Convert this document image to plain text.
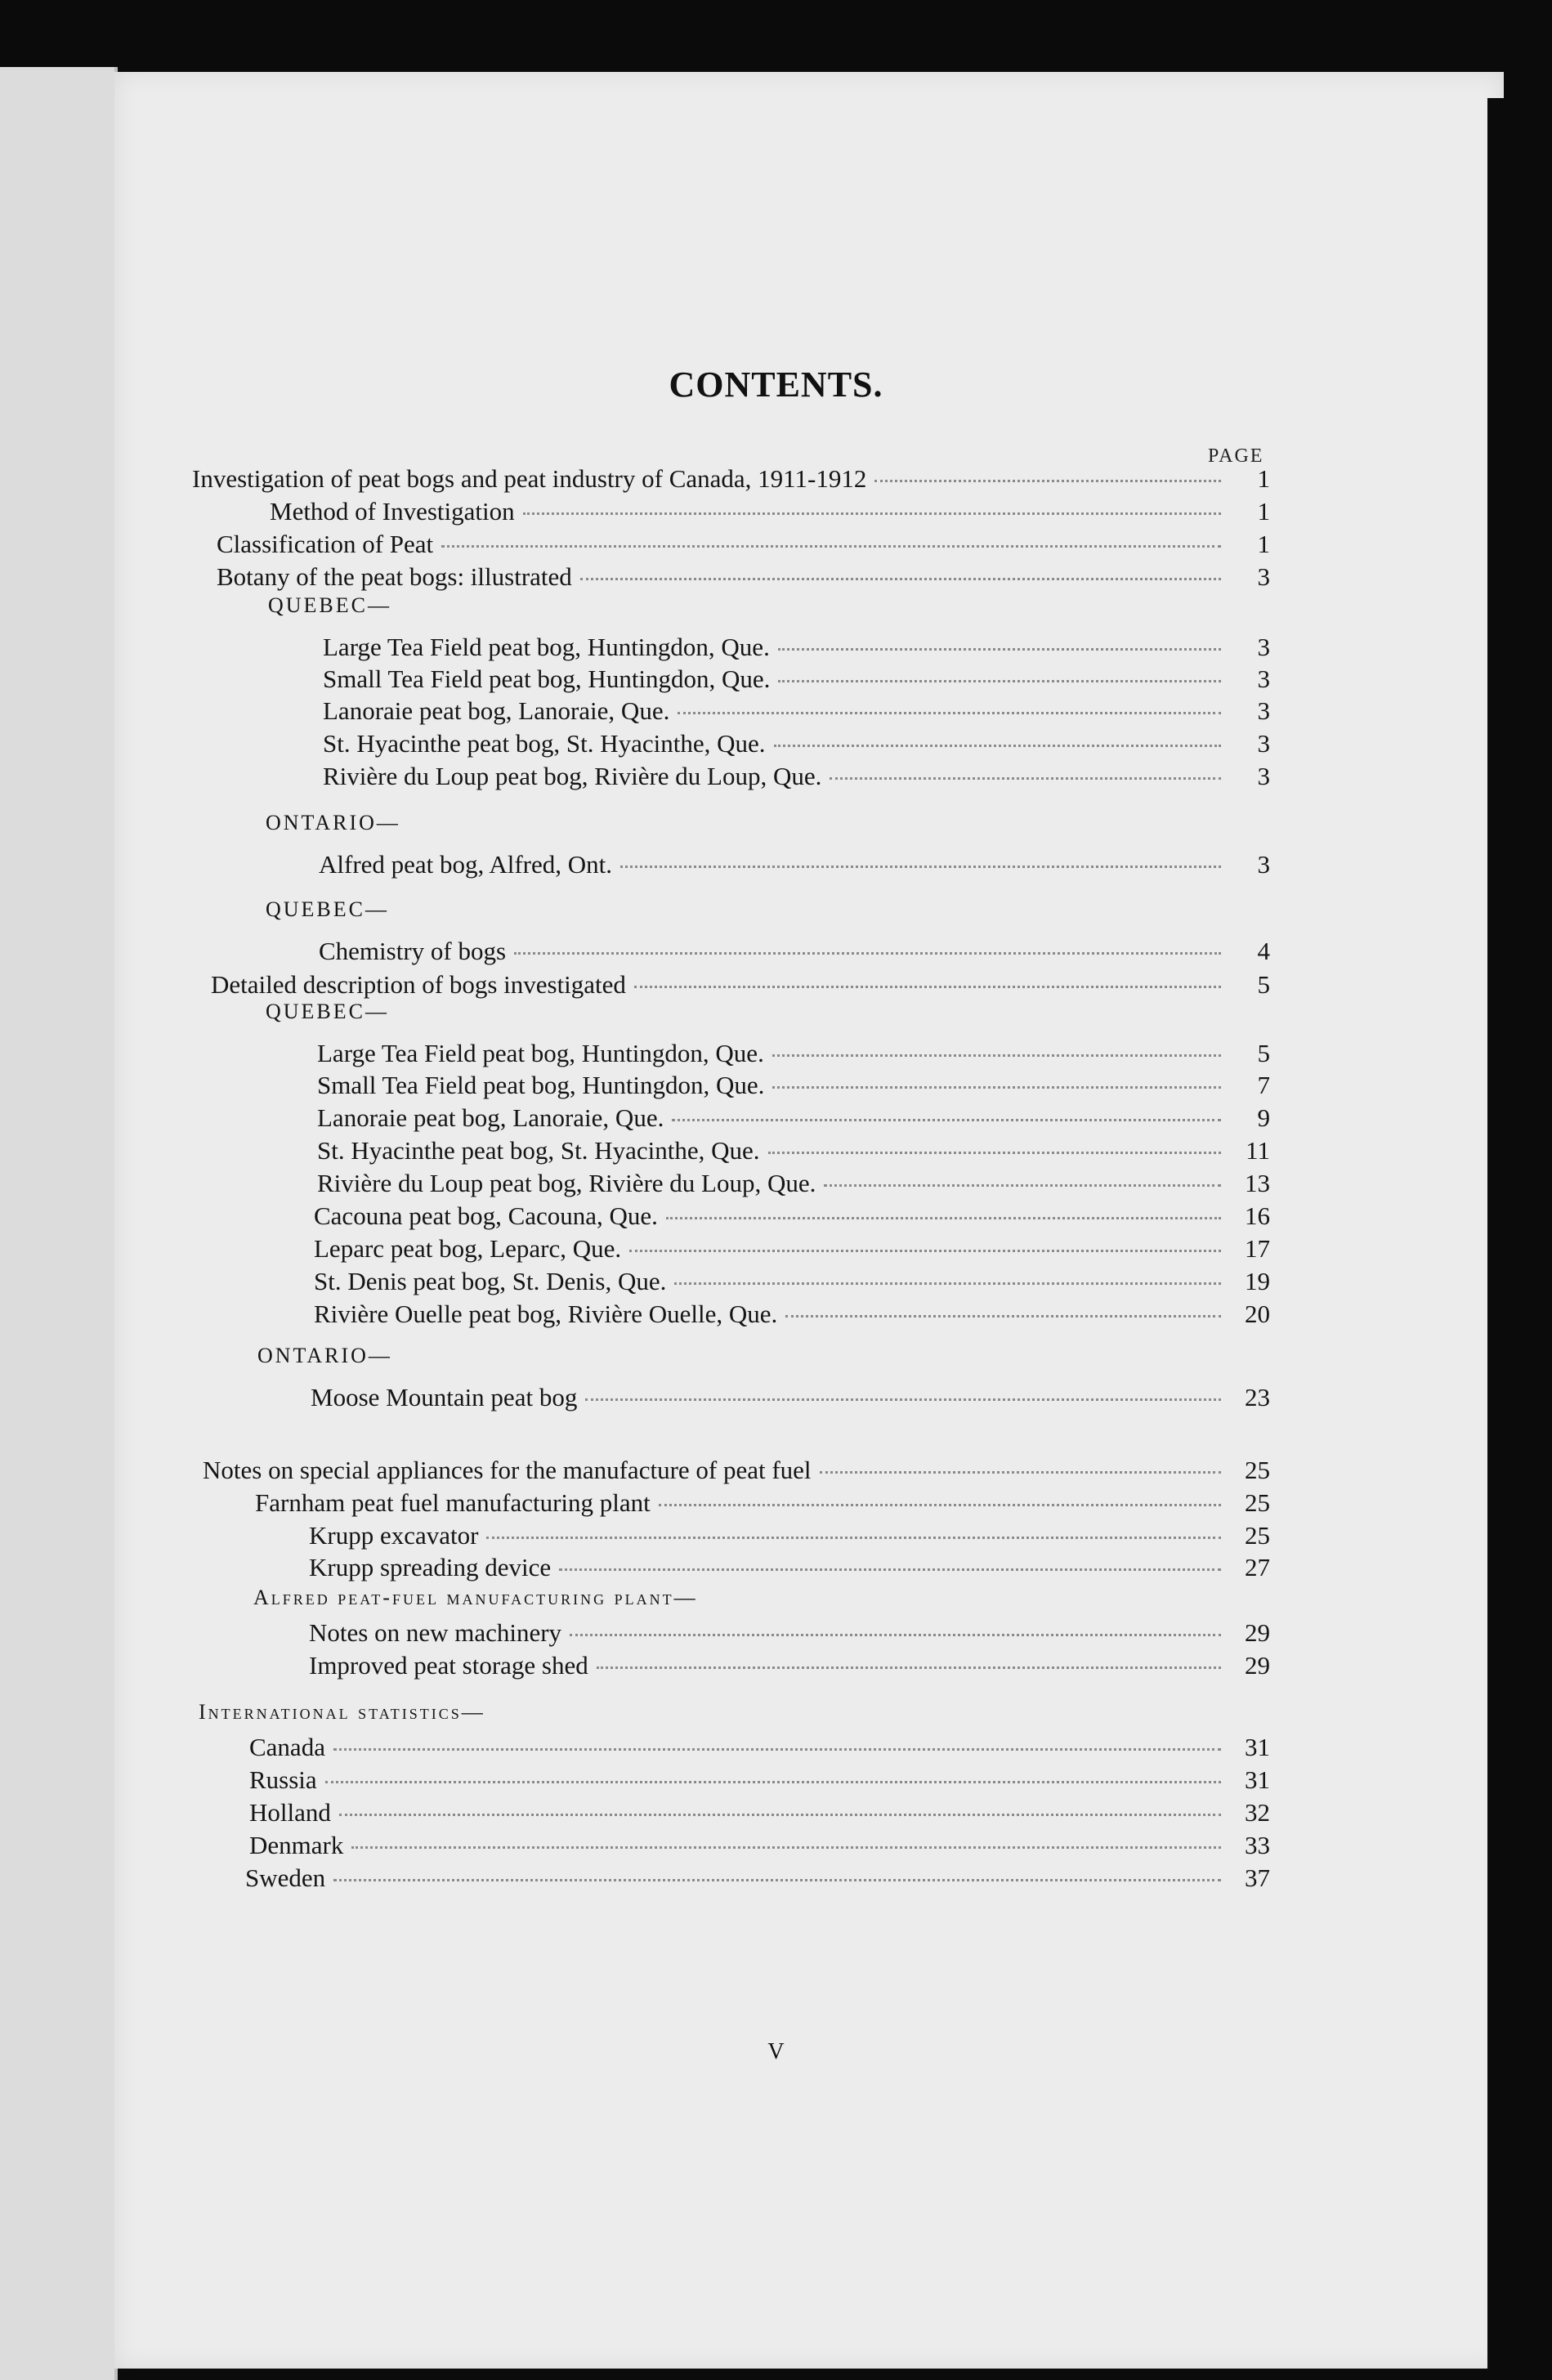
CONTENTS.
PAGE
Investigation of peat bogs and peat industry of Canada, 1911-1912	1
Method of Investigation	1
Classification of Peat	1
Botany of the peat bogs: illustrated	3
QUEBEC—
Large Tea Field peat bog, Huntingdon, Que.	3
Small Tea Field peat bog, Huntingdon, Que.	3
Lanoraie peat bog, Lanoraie, Que.	3
St. Hyacinthe peat bog, St. Hyacinthe, Que.	3
Rivière du Loup peat bog, Rivière du Loup, Que.	3
ONTARIO—
Alfred peat bog, Alfred, Ont.	3
QUEBEC—
Chemistry of bogs	4
Detailed description of bogs investigated	5
QUEBEC—
Large Tea Field peat bog, Huntingdon, Que.	5
Small Tea Field peat bog, Huntingdon, Que.	7
Lanoraie peat bog, Lanoraie, Que.	9
St. Hyacinthe peat bog, St. Hyacinthe, Que.	11
Rivière du Loup peat bog, Rivière du Loup, Que.	13
Cacouna peat bog, Cacouna, Que.	16
Leparc peat bog, Leparc, Que.	17
St. Denis peat bog, St. Denis, Que.	19
Rivière Ouelle peat bog, Rivière Ouelle, Que.	20
ONTARIO—
Moose Mountain peat bog	23
Notes on special appliances for the manufacture of peat fuel	25
Farnham peat fuel manufacturing plant	25
Krupp excavator	25
Krupp spreading device	27
Alfred peat-fuel manufacturing plant—
Notes on new machinery	29
Improved peat storage shed	29
International statistics—
Canada	31
Russia	31
Holland	32
Denmark	33
Sweden	37
V
